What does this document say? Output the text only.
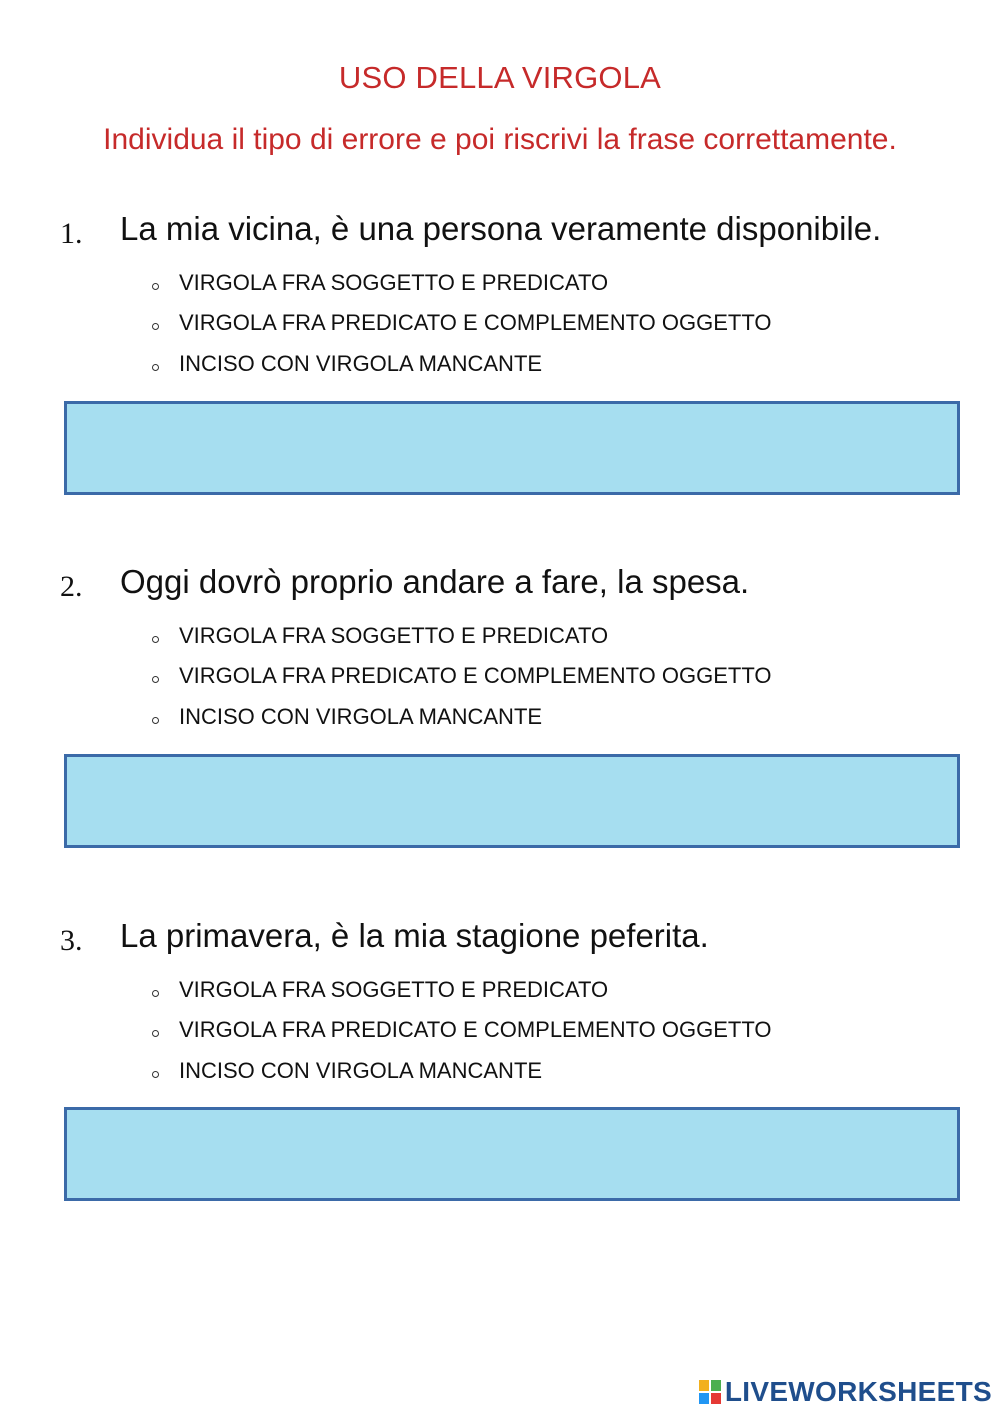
USO DELLA VIRGOLA
Individua il tipo di errore e poi riscrivi la frase correttamente.
1. La mia vicina, è una persona veramente disponibile.
VIRGOLA FRA SOGGETTO E PREDICATO
VIRGOLA FRA PREDICATO E COMPLEMENTO OGGETTO
INCISO CON VIRGOLA MANCANTE
2. Oggi dovrò proprio andare a fare, la spesa.
VIRGOLA FRA SOGGETTO E PREDICATO
VIRGOLA FRA PREDICATO E COMPLEMENTO OGGETTO
INCISO CON VIRGOLA MANCANTE
3. La primavera, è la mia stagione peferita.
VIRGOLA FRA SOGGETTO E PREDICATO
VIRGOLA FRA PREDICATO E COMPLEMENTO OGGETTO
INCISO CON VIRGOLA MANCANTE
LIVEWORKSHEETS
